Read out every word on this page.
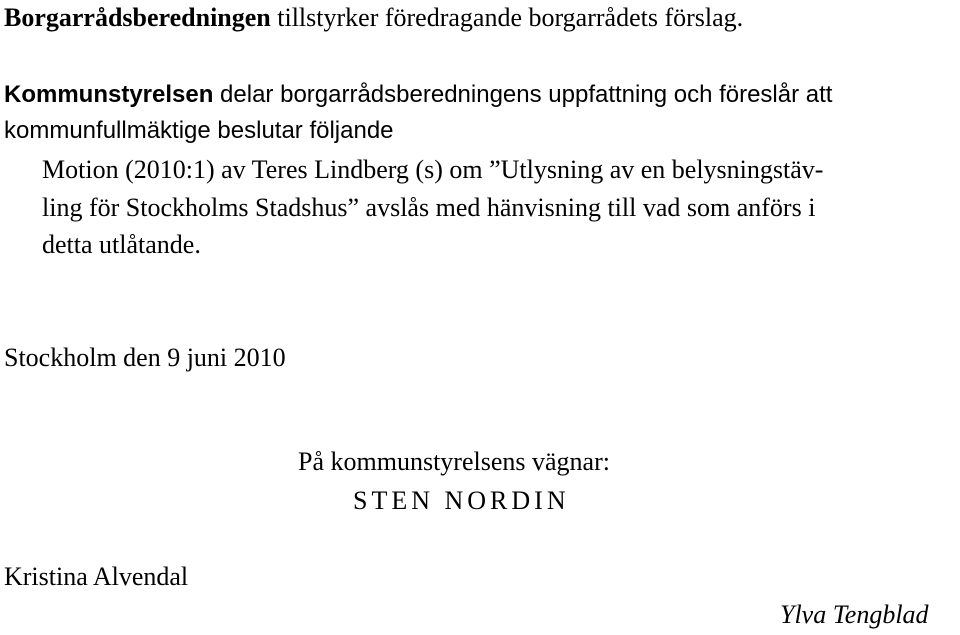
Borgarrådsberedningen tillstyrker föredragande borgarrådets förslag.
Kommunstyrelsen delar borgarrådsberedningens uppfattning och föreslår att
kommunfullmäktige beslutar följande
Motion (2010:1) av Teres Lindberg (s) om ”Utlysning av en belysningstäv-
ling för Stockholms Stadshus” avslås med hänvisning till vad som anförs i
detta utlåtande.
Stockholm den 9 juni 2010
På kommunstyrelsens vägnar:
STEN NORDIN
Kristina Alvendal
Ylva Tengblad
